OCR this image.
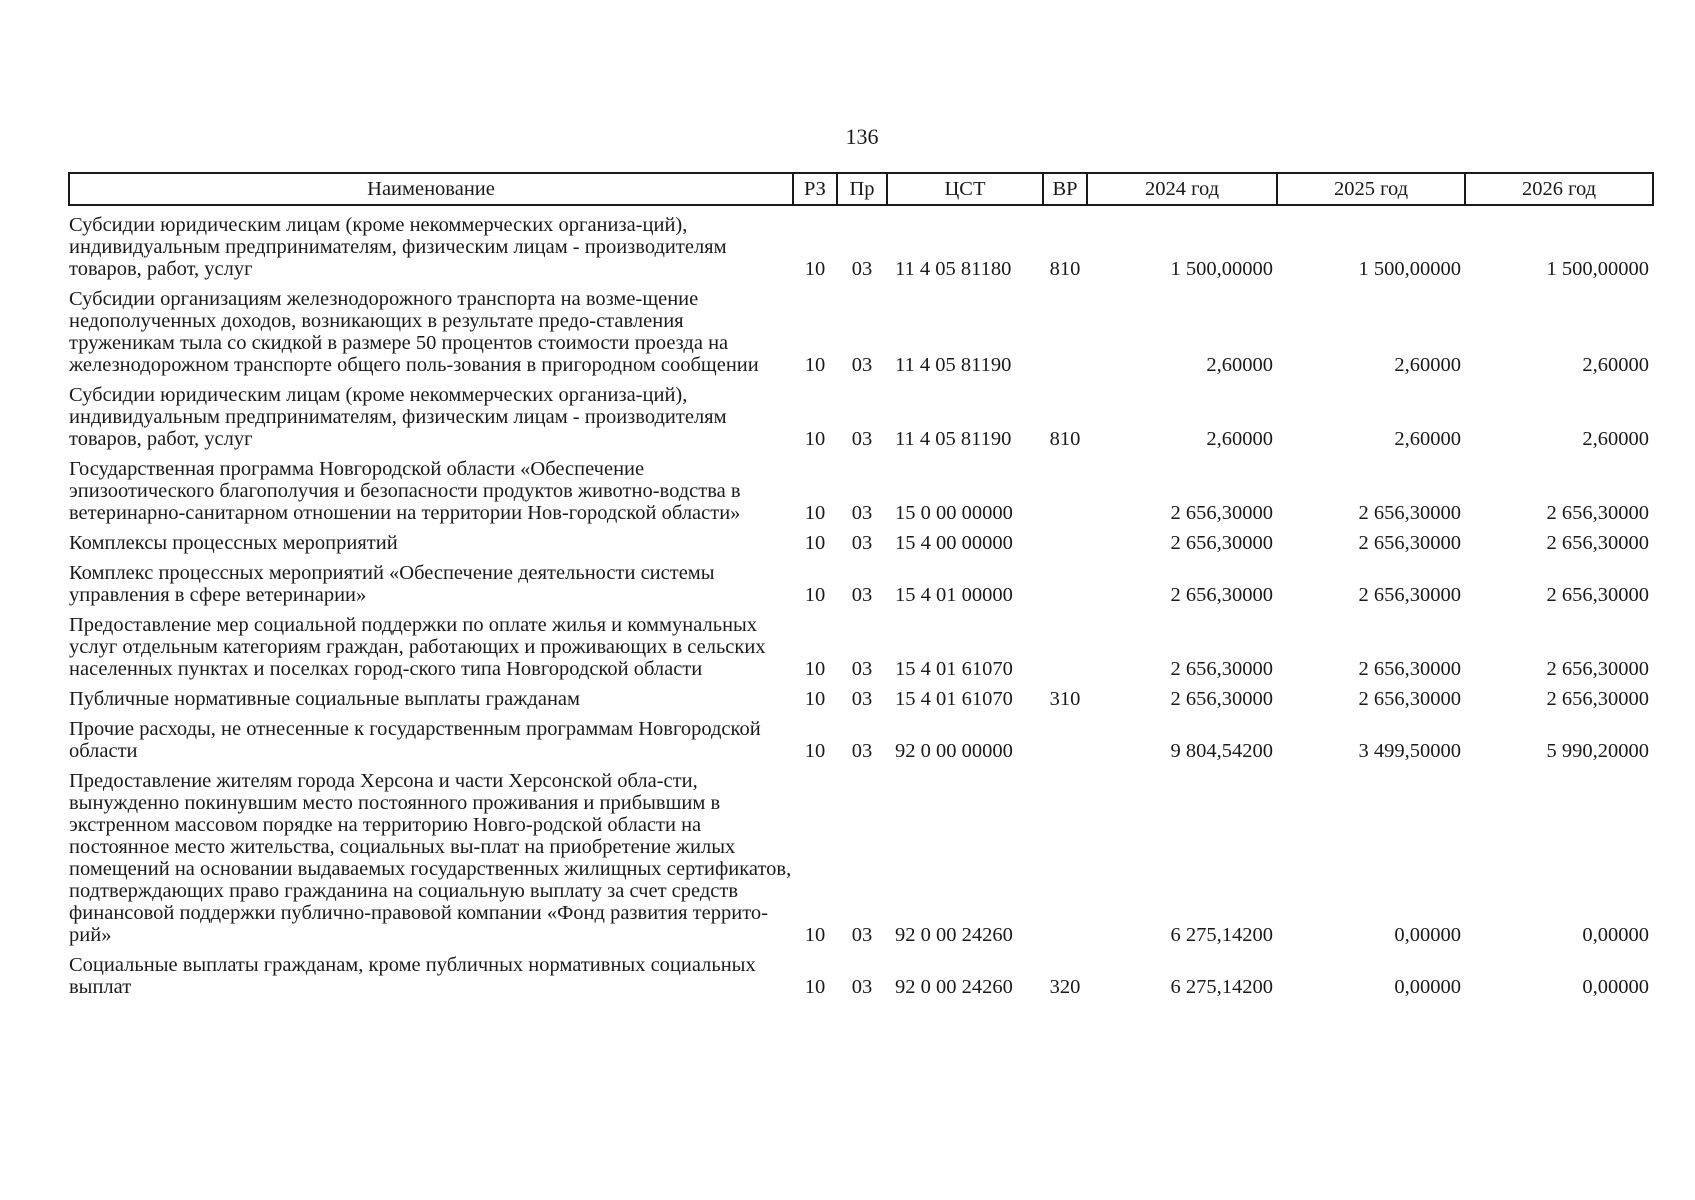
136
Наименование	РЗ	Пр	ЦСТ	ВР	2024 год	2025 год	2026 год
Субсидии юридическим лицам (кроме некоммерческих организа-ций), индивидуальным предпринимателям, физическим лицам - производителям товаров, работ, услуг	10	03	11 4 05 81180	810	1 500,00000	1 500,00000	1 500,00000
Субсидии организациям железнодорожного транспорта на возме-щение недополученных доходов, возникающих в результате предо-ставления труженикам тыла со скидкой в размере 50 процентов стоимости проезда на железнодорожном транспорте общего поль-зования в пригородном сообщении	10	03	11 4 05 81190		2,60000	2,60000	2,60000
Субсидии юридическим лицам (кроме некоммерческих организа-ций), индивидуальным предпринимателям, физическим лицам - производителям товаров, работ, услуг	10	03	11 4 05 81190	810	2,60000	2,60000	2,60000
Государственная программа Новгородской области «Обеспечение эпизоотического благополучия и безопасности продуктов животно-водства в ветеринарно-санитарном отношении на территории Нов-городской области»	10	03	15 0 00 00000		2 656,30000	2 656,30000	2 656,30000
Комплексы процессных мероприятий	10	03	15 4 00 00000		2 656,30000	2 656,30000	2 656,30000
Комплекс процессных мероприятий «Обеспечение деятельности системы управления в сфере ветеринарии»	10	03	15 4 01 00000		2 656,30000	2 656,30000	2 656,30000
Предоставление мер социальной поддержки по оплате жилья и коммунальных услуг отдельным категориям граждан, работающих и проживающих в сельских населенных пунктах и поселках город-ского типа Новгородской области	10	03	15 4 01 61070		2 656,30000	2 656,30000	2 656,30000
Публичные нормативные социальные выплаты гражданам	10	03	15 4 01 61070	310	2 656,30000	2 656,30000	2 656,30000
Прочие расходы, не отнесенные к государственным программам Новгородской области	10	03	92 0 00 00000		9 804,54200	3 499,50000	5 990,20000
Предоставление жителям города Херсона и части Херсонской обла-сти, вынужденно покинувшим место постоянного проживания и прибывшим в экстренном массовом порядке на территорию Новго-родской области на постоянное место жительства, социальных вы-плат на приобретение жилых помещений на основании выдаваемых государственных жилищных сертификатов, подтверждающих право гражданина на социальную выплату за счет средств финансовой поддержки публично-правовой компании «Фонд развития террито-рий»	10	03	92 0 00 24260		6 275,14200	0,00000	0,00000
Социальные выплаты гражданам, кроме публичных нормативных социальных выплат	10	03	92 0 00 24260	320	6 275,14200	0,00000	0,00000
